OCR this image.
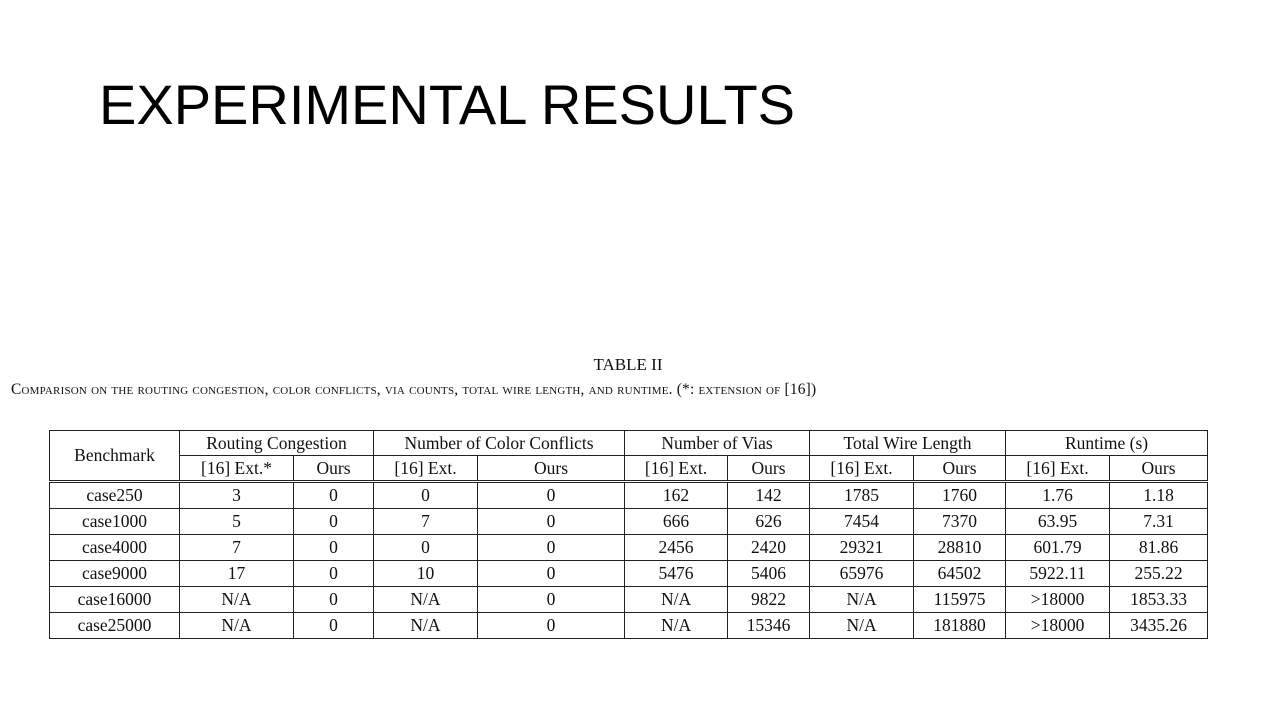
EXPERIMENTAL RESULTS
TABLE II
Comparison on the routing congestion, color conflicts, via counts, total wire length, and runtime. (*: extension of [16])
Benchmark	Routing Congestion		Number of Color Conflicts		Number of Vias		Total Wire Length		Runtime (s)	
	[16] Ext.*	Ours	[16] Ext.	Ours	[16] Ext.	Ours	[16] Ext.	Ours	[16] Ext.	Ours
case250	3	0	0	0	162	142	1785	1760	1.76	1.18
case1000	5	0	7	0	666	626	7454	7370	63.95	7.31
case4000	7	0	0	0	2456	2420	29321	28810	601.79	81.86
case9000	17	0	10	0	5476	5406	65976	64502	5922.11	255.22
case16000	N/A	0	N/A	0	N/A	9822	N/A	115975	>18000	1853.33
case25000	N/A	0	N/A	0	N/A	15346	N/A	181880	>18000	3435.26
